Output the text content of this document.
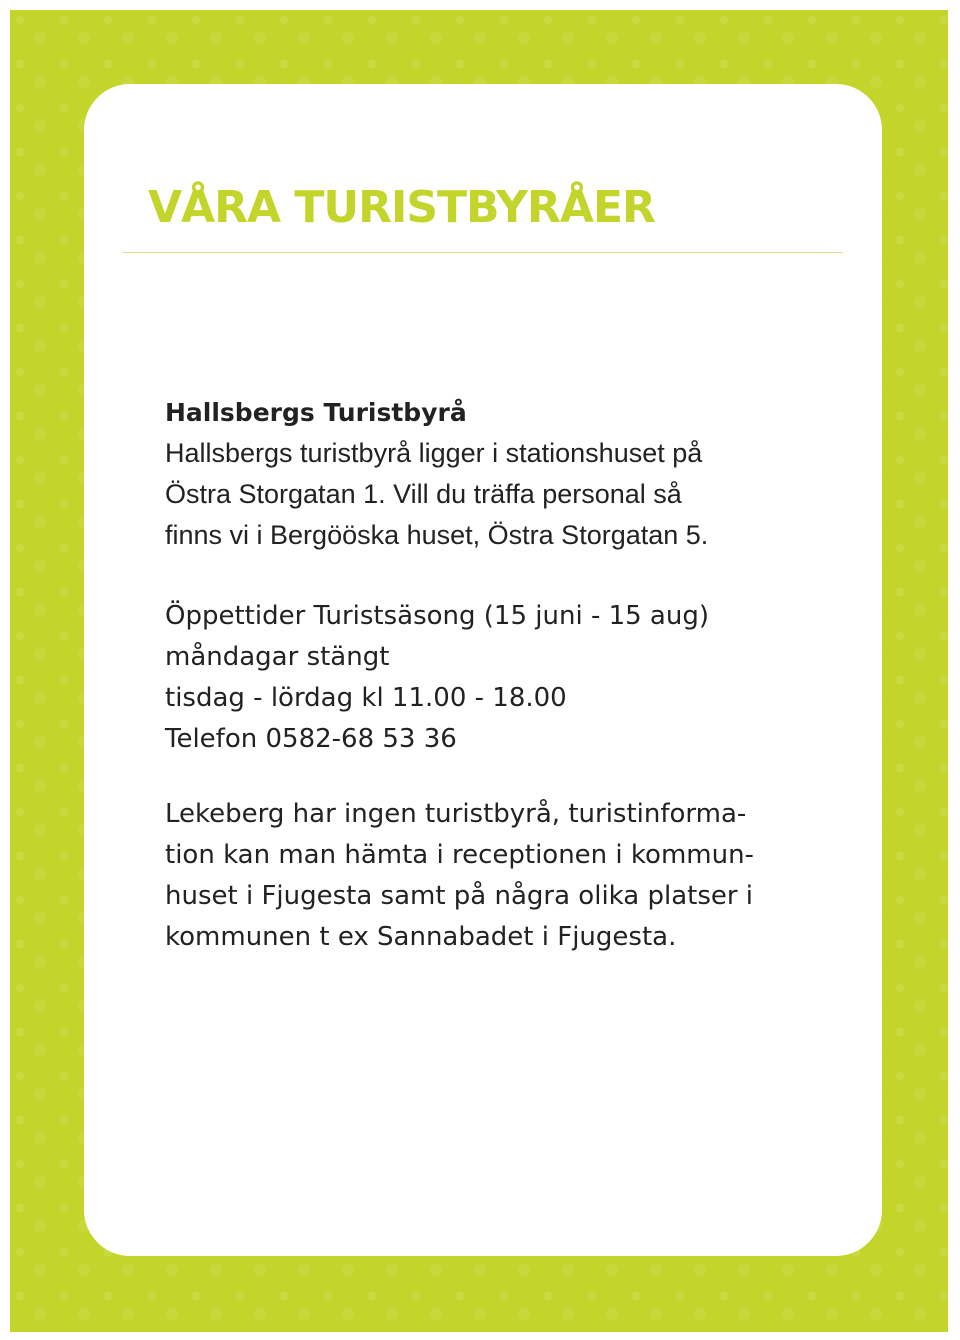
VÅRA TURISTBYRÅER

Hallsbergs Turistbyrå

Hallsbergs turistbyrå ligger i stationshuset på

Östra Storgatan 1. Vill du träffa personal så

finns vi i Bergööska huset, Östra Storgatan 5.

Öppettider Turistsäsong (15 juni - 15 aug)

måndagar stängt

tisdag - lördag kl 11.00 - 18.00

Telefon 0582-68 53 36

Lekeberg har ingen turistbyrå, turistinforma-

tion kan man hämta i receptionen i kommun-

huset i Fjugesta samt på några olika platser i

kommunen t ex Sannabadet i Fjugesta.
